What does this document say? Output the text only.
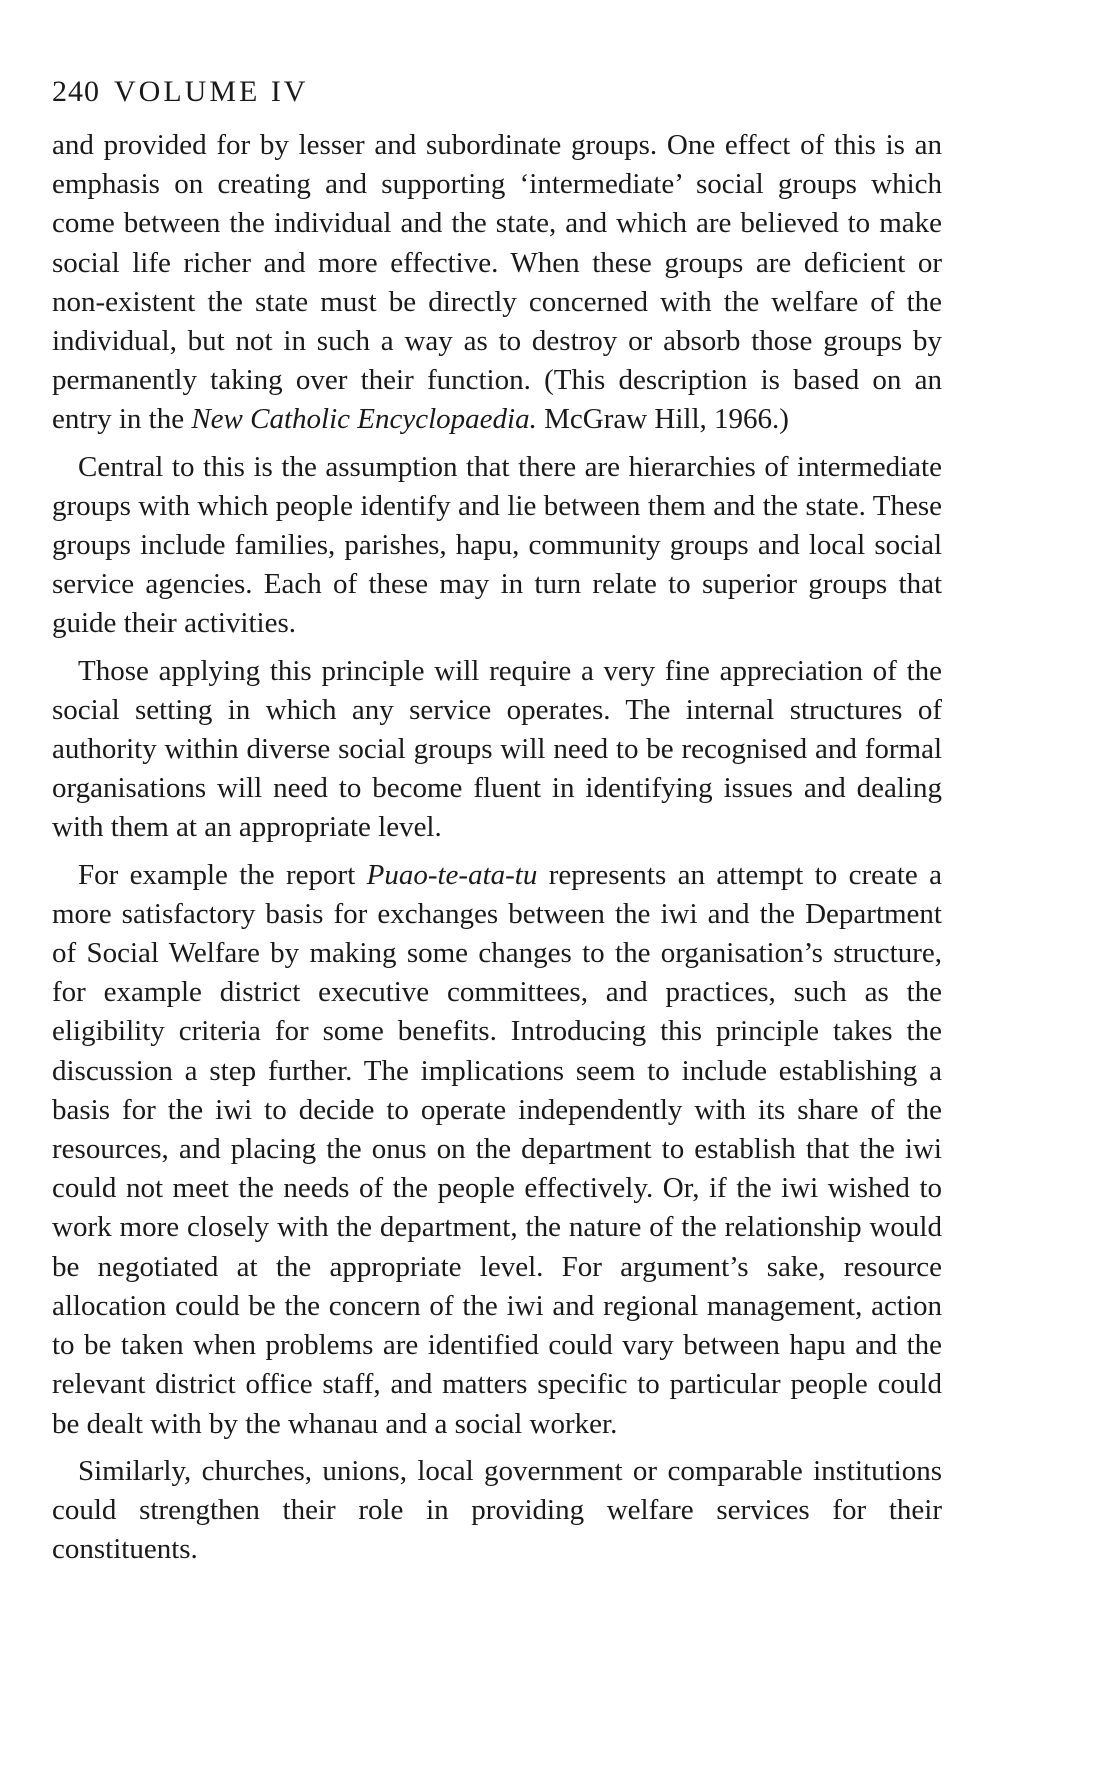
240 VOLUME IV

and provided for by lesser and subordinate groups. One effect of this is an emphasis on creating and supporting ‘intermediate’ social groups which come between the individual and the state, and which are believed to make social life richer and more effective. When these groups are deficient or non-existent the state must be directly concerned with the welfare of the individual, but not in such a way as to destroy or absorb those groups by permanently taking over their function. (This description is based on an entry in the New Catholic Encyclopaedia. McGraw Hill, 1966.)

Central to this is the assumption that there are hierarchies of intermediate groups with which people identify and lie between them and the state. These groups include families, parishes, hapu, community groups and local social service agencies. Each of these may in turn relate to superior groups that guide their activities.

Those applying this principle will require a very fine appreciation of the social setting in which any service operates. The internal structures of authority within diverse social groups will need to be recognised and formal organisations will need to become fluent in identifying issues and dealing with them at an appropriate level.

For example the report Puao-te-ata-tu represents an attempt to create a more satisfactory basis for exchanges between the iwi and the Department of Social Welfare by making some changes to the organisation’s structure, for example district executive committees, and practices, such as the eligibility criteria for some benefits. Introducing this principle takes the discussion a step further. The implications seem to include establishing a basis for the iwi to decide to operate independently with its share of the resources, and placing the onus on the department to establish that the iwi could not meet the needs of the people effectively. Or, if the iwi wished to work more closely with the department, the nature of the relationship would be negotiated at the appropriate level. For argument’s sake, resource allocation could be the concern of the iwi and regional management, action to be taken when problems are identified could vary between hapu and the relevant district office staff, and matters specific to particular people could be dealt with by the whanau and a social worker.

Similarly, churches, unions, local government or comparable institutions could strengthen their role in providing welfare services for their constituents.
